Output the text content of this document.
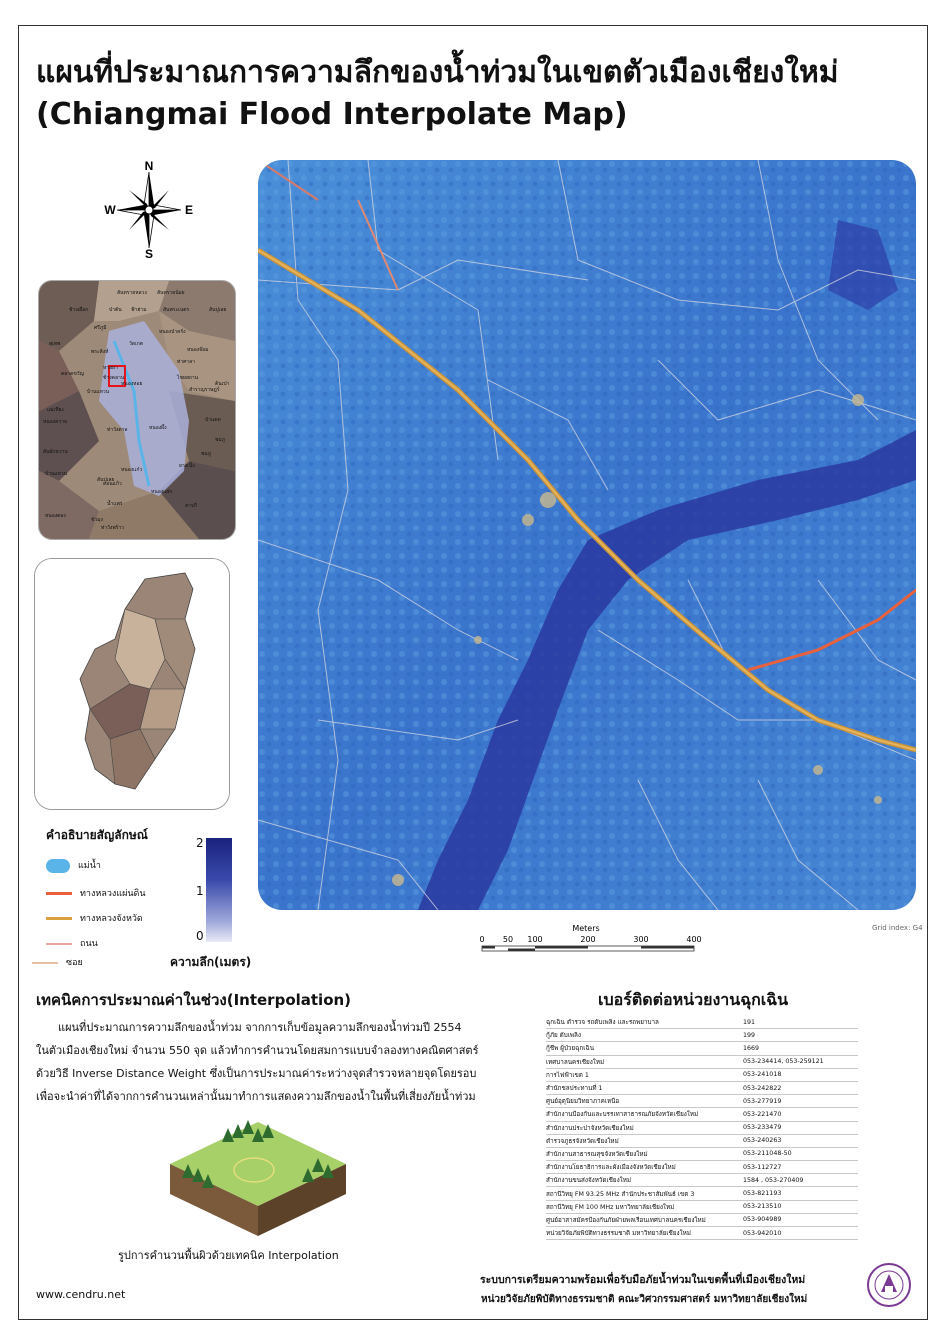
แผนที่ประมาณการความลึกของน้ำท่วมในเขตตัวเมืองเชียงใหม่
(Chiangmai Flood Interpolate Map)
N
S
W	E
สันทรายหลวง สันทรายน้อย
ช้างเผือก	ป่าตัน ฟ้าฮ่าม	สันพระเนตร	สันปูเลย
ศรีภูมิ
สุเทพ	วัดเกต
หนองป่าครั่ง
พระสิงห์
ท่าศาลา
หายยา
ช้างคลาน
หนองหอย
ไชยสถาน
บ้านแหวน
แม่เหียะ
ท่าวังตาล	หนองผึ้ง
หนองควาย	ป่าแดด
สันผักหวาน
ยางเนิ้ง
บ้านแหวน
หนองแฝก
ดอนแก้ว
สารภี
ชมภู
น้ำแพร่
ท่าวังพร้าว
สันปูเลย
ขัวมุง
หนองตอง
หนองแก๋ว
สำราญราษฎร์
หนองจ๊อม
ตลาดขวัญ
ต้นเปา
ชมภู
Grid index: G4
คำอธิบายสัญลักษณ์
แม่น้ำ
ทางหลวงแผ่นดิน
ทางหลวงจังหวัด
ถนน
ซอย
2
1
0
ความลึก(เมตร)
Meters
0 50 100	200	300	400
เทคนิคการประมาณค่าในช่วง(Interpolation)
แผนที่ประมาณการความลึกของน้ำท่วม จากการเก็บข้อมูลความลึกของน้ำท่วมปี 2554
ในตัวเมืองเชียงใหม่ จำนวน 550 จุด แล้วทำการคำนวนโดยสมการแบบจำลองทางคณิตศาสตร์
ด้วยวิธี Inverse Distance Weight ซึ่งเป็นการประมาณค่าระหว่างจุดสำรวจหลายจุดโดยรอบ
เพื่อจะนำค่าที่ได้จากการคำนวนเหล่านั้นมาทำการแสดงความลึกของน้ำในพื้นที่เสี่ยงภัยน้ำท่วม
รูปการคำนวนพื้นผิวด้วยเทคนิค Interpolation
www.cendru.net
เบอร์ติดต่อหน่วยงานฉุกเฉิน
ฉุกเฉิน ตำรวจ รถดับเพลิง และรถพยาบาล	191
กู้ภัย ดับเพลิง	199
กู้ชีพ ผู้ป่วยฉุกเฉิน	1669
เทศบาลนครเชียงใหม่	053-234414, 053-259121
การไฟฟ้าเขต 1	053-241018
สำนักชลประทานที่ 1	053-242822
ศูนย์อุตุนิยมวิทยาภาคเหนือ	053-277919
สำนักงานป้องกันและบรรเทาสาธารณภัยจังหวัดเชียงใหม่	053-221470
สำนักงานประปาจังหวัดเชียงใหม่	053-233479
ตำรวจภูธรจังหวัดเชียงใหม่	053-240263
สำนักงานสาธารณสุขจังหวัดเชียงใหม่	053-211048-50
สำนักงานโยธาธิการและผังเมืองจังหวัดเชียงใหม่	053-112727
สำนักงานขนส่งจังหวัดเชียงใหม่	1584 , 053-270409
สถานีวิทยุ FM 93.25 MHz สำนักประชาสัมพันธ์ เขต 3	053-821193
สถานีวิทยุ FM 100 MHz มหาวิทยาลัยเชียงใหม่	053-213510
ศูนย์อาสาสมัครป้องกันภัยฝ่ายพลเรือนเทศบาลนครเชียงใหม่	053-904989
หน่วยวิจัยภัยพิบัติทางธรรมชาติ มหาวิทยาลัยเชียงใหม่	053-942010
ระบบการเตรียมความพร้อมเพื่อรับมือภัยน้ำท่วมในเขตพื้นที่เมืองเชียงใหม่
หน่วยวิจัยภัยพิบัติทางธรรมชาติ คณะวิศวกรรมศาสตร์ มหาวิทยาลัยเชียงใหม่
